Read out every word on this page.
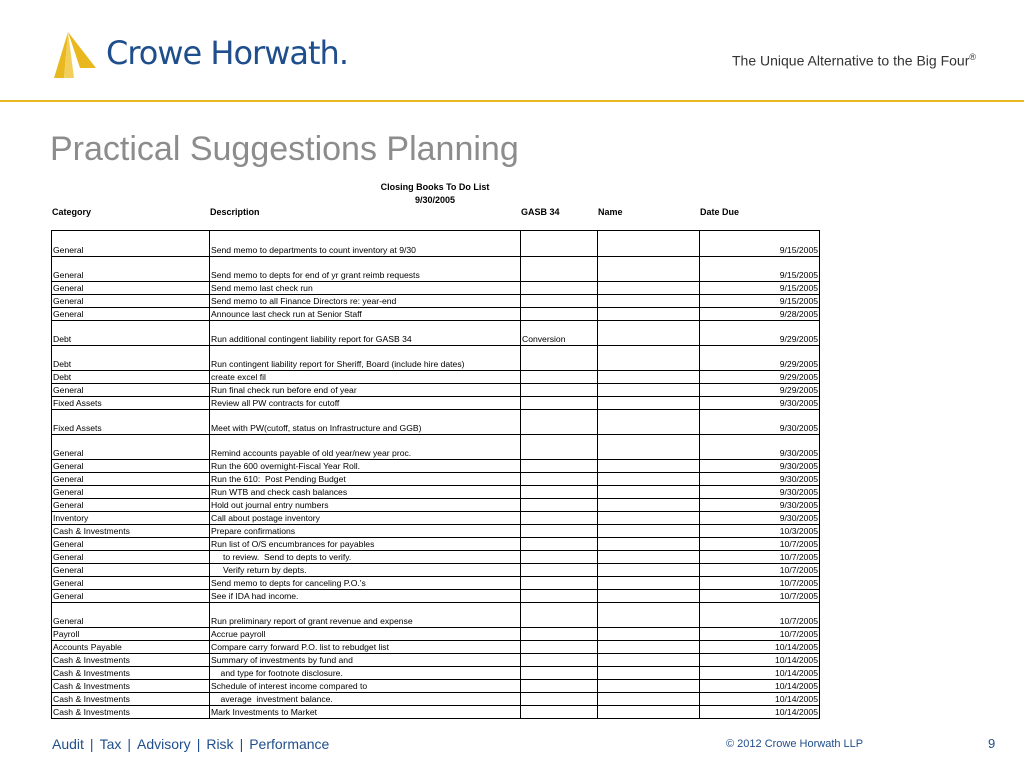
Crowe Horwath.	The Unique Alternative to the Big Four®
Practical Suggestions Planning
Closing Books To Do List
9/30/2005
Category	Description	GASB 34	Name	Date Due
General	Send memo to departments to count inventory at 9/30			9/15/2005
General	Send memo to depts for end of yr grant reimb requests			9/15/2005
General	Send memo last check run			9/15/2005
General	Send memo to all Finance Directors re: year-end			9/15/2005
General	Announce last check run at Senior Staff			9/28/2005
Debt	Run additional contingent liability report for GASB 34	Conversion		9/29/2005
Debt	Run contingent liability report for Sheriff, Board (include hire dates)			9/29/2005
Debt	create excel fil			9/29/2005
General	Run final check run before end of year			9/29/2005
Fixed Assets	Review all PW contracts for cutoff			9/30/2005
Fixed Assets	Meet with PW(cutoff, status on Infrastructure and GGB)			9/30/2005
General	Remind accounts payable of old year/new year proc.			9/30/2005
General	Run the 600 overnight-Fiscal Year Roll.			9/30/2005
General	Run the 610:  Post Pending Budget			9/30/2005
General	Run WTB and check cash balances			9/30/2005
General	Hold out journal entry numbers			9/30/2005
Inventory	Call about postage inventory			9/30/2005
Cash & Investments	Prepare confirmations			10/3/2005
General	Run list of O/S encumbrances for payables			10/7/2005
General	to review.  Send to depts to verify.			10/7/2005
General	Verify return by depts.			10/7/2005
General	Send memo to depts for canceling P.O.'s			10/7/2005
General	See if IDA had income.			10/7/2005
General	Run preliminary report of grant revenue and expense			10/7/2005
Payroll	Accrue payroll			10/7/2005
Accounts Payable	Compare carry forward P.O. list to rebudget list			10/14/2005
Cash & Investments	Summary of investments by fund and			10/14/2005
Cash & Investments	and type for footnote disclosure.			10/14/2005
Cash & Investments	Schedule of interest income compared to			10/14/2005
Cash & Investments	average  investment balance.			10/14/2005
Cash & Investments	Mark Investments to Market			10/14/2005
Audit | Tax | Advisory | Risk | Performance	© 2012 Crowe Horwath LLP	9
